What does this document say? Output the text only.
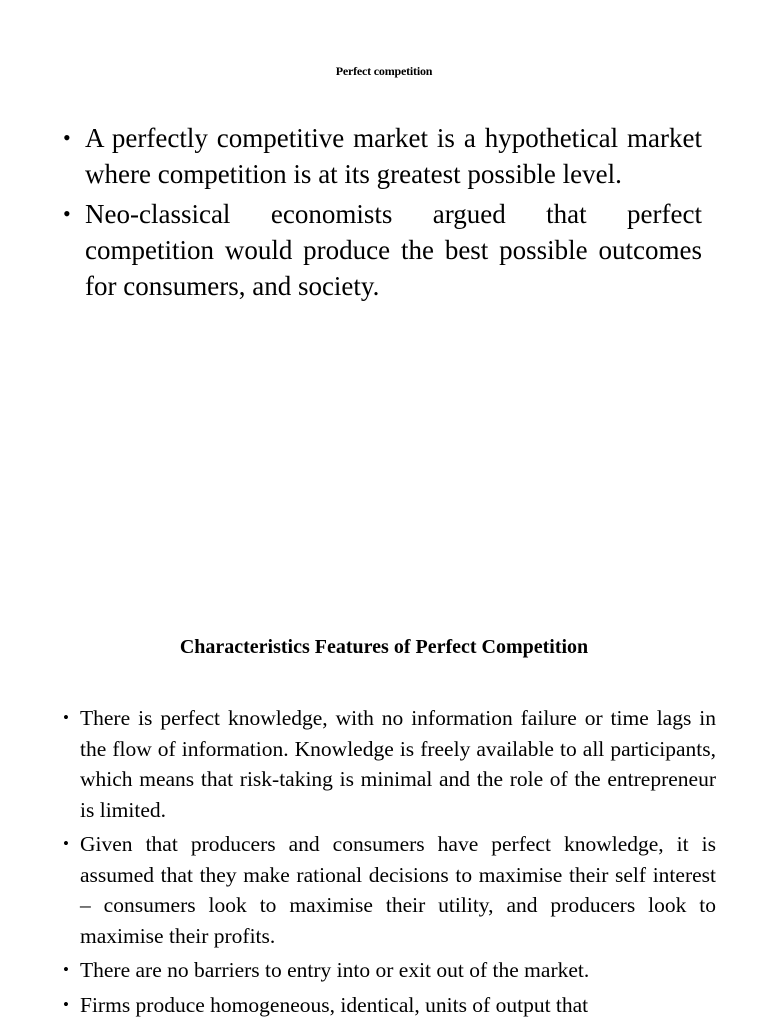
Perfect competition
• A perfectly competitive market is a hypothetical market where competition is at its greatest possible level.
• Neo-classical economists argued that perfect competition would produce the best possible outcomes for consumers, and society.
Characteristics Features of Perfect Competition
• There is perfect knowledge, with no information failure or time lags in the flow of information. Knowledge is freely available to all participants, which means that risk-taking is minimal and the role of the entrepreneur is limited.
• Given that producers and consumers have perfect knowledge, it is assumed that they make rational decisions to maximise their self interest – consumers look to maximise their utility, and producers look to maximise their profits.
• There are no barriers to entry into or exit out of the market.
• Firms produce homogeneous, identical, units of output that
